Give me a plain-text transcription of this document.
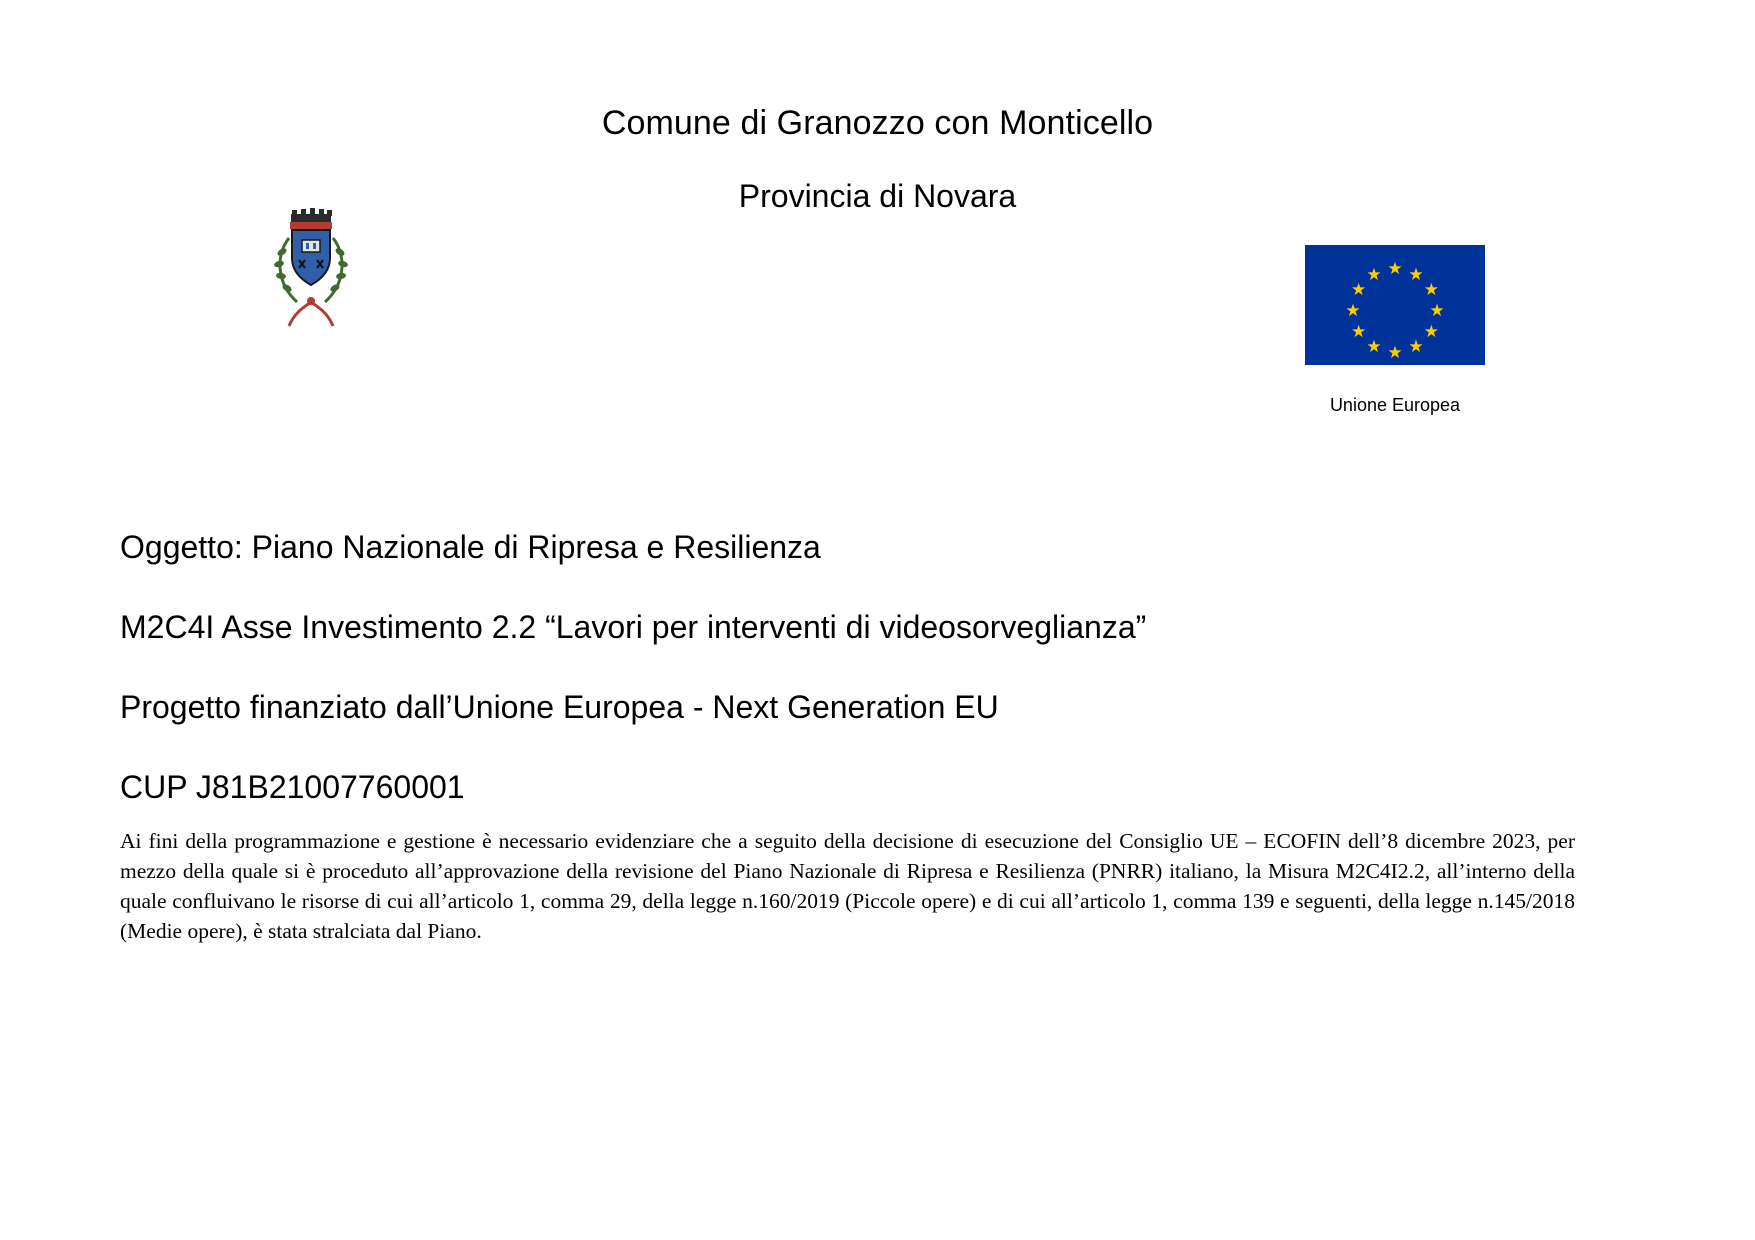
Comune di Granozzo con Monticello
Provincia di Novara
★ ★
★
★
★
★
★
★
★
★
★
★
Unione Europea
Oggetto: Piano Nazionale di Ripresa e Resilienza
M2C4I Asse Investimento 2.2 “Lavori per interventi di videosorveglianza”
Progetto finanziato dall’Unione Europea - Next Generation EU
CUP J81B21007760001
Ai fini della programmazione e gestione è necessario evidenziare che a seguito della decisione di esecuzione del Consiglio UE – ECOFIN dell’8 dicembre 2023, per mezzo della quale si è proceduto all’approvazione della revisione del Piano Nazionale di Ripresa e Resilienza (PNRR) italiano, la Misura M2C4I2.2, all’interno della quale confluivano le risorse di cui all’articolo 1, comma 29, della legge n.160/2019 (Piccole opere) e di cui all’articolo 1, comma 139 e seguenti, della legge n.145/2018 (Medie opere), è stata stralciata dal Piano.
